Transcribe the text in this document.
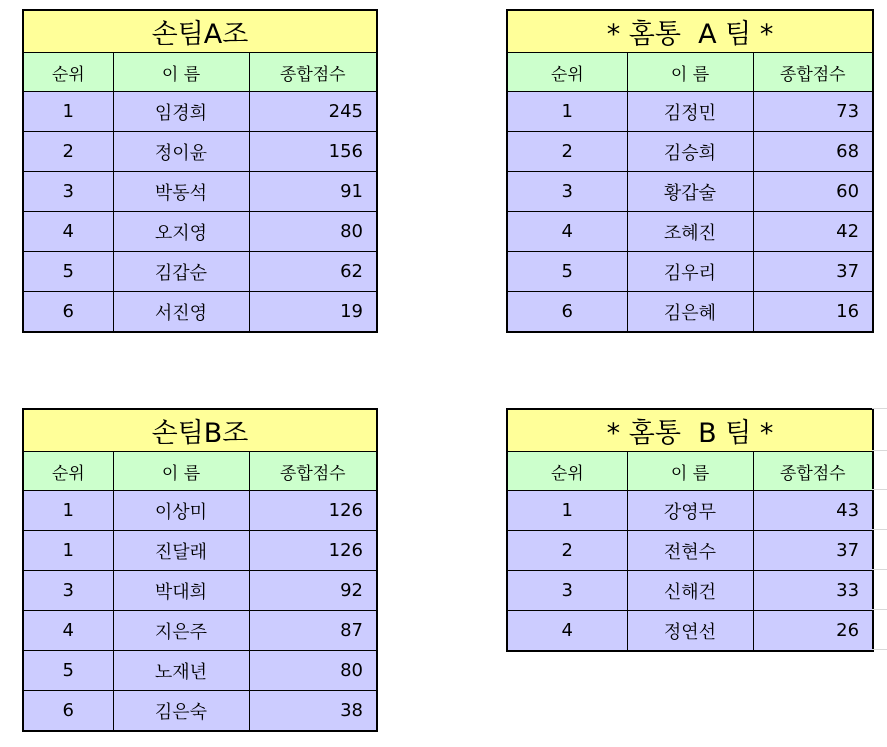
손팀A조		
순위	이 름	종합점수
1	임경희	245
2	정이윤	156
3	박동석	91
4	오지영	80
5	김갑순	62
6	서진영	19
* 홈통  A 팀 *		
순위	이 름	종합점수
1	김정민	73
2	김승희	68
3	황갑술	60
4	조혜진	42
5	김우리	37
6	김은혜	16
손팀B조		
순위	이 름	종합점수
1	이상미	126
1	진달래	126
3	박대희	92
4	지은주	87
5	노재년	80
6	김은숙	38
* 홈통  B 팀 *		
순위	이 름	종합점수
1	강영무	43
2	전현수	37
3	신해건	33
4	정연선	26
